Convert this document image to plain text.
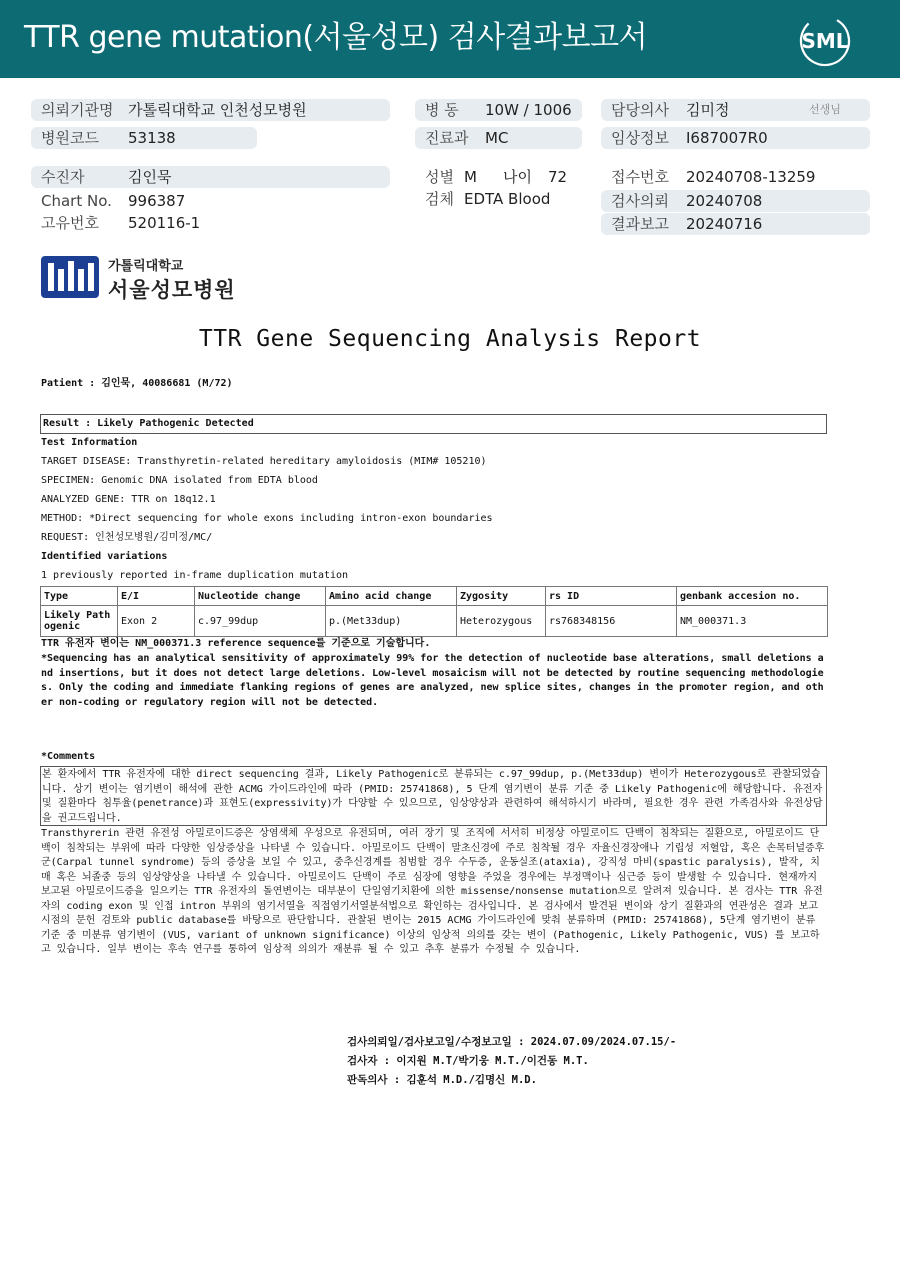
TTR gene mutation(서울성모) 검사결과보고서	SML
의뢰기관명 가톨릭대학교 인천성모병원
병원코드 53138
병 동 10W / 1006
진료과 MC
담당의사 김미정	선생님
임상정보 I687007R0
수진자	김인묵
Chart No. 996387
고유번호 520116-1
성별 M 나이 72
검체 EDTA Blood
접수번호 20240708-13259
검사의뢰 20240708
결과보고 20240716
가톨릭대학교
서울성모병원
TTR Gene Sequencing Analysis Report
Patient : 김인묵, 40086681 (M/72)
Result : Likely Pathogenic Detected
Test Information
TARGET DISEASE: Transthyretin-related hereditary amyloidosis (MIM# 105210)
SPECIMEN: Genomic DNA isolated from EDTA blood
ANALYZED GENE: TTR on 18q12.1
METHOD: *Direct sequencing for whole exons including intron-exon boundaries
REQUEST: 인천성모병원/김미정/MC/
Identified variations
1 previously reported in-frame duplication mutation
Type	E/I	Nucleotide change	Amino acid change	Zygosity	rs ID	genbank accesion no.
Likely Pathogenic	Exon 2	c.97_99dup	p.(Met33dup)	Heterozygous	rs768348156	NM_000371.3
TTR 유전자 변이는 NM_000371.3 reference sequence를 기준으로 기술합니다.
*Sequencing has an analytical sensitivity of approximately 99% for the detection of nucleotide base alterations, small deletions and insertions, but it does not detect large deletions. Low-level mosaicism will not be detected by routine sequencing methodologies. Only the coding and immediate flanking regions of genes are analyzed, new splice sites, changes in the promoter region, and other non-coding or regulatory region will not be detected.
*Comments
본 환자에서 TTR 유전자에 대한 direct sequencing 결과, Likely Pathogenic로 분류되는 c.97_99dup, p.(Met33dup) 변이가 Heterozygous로 관찰되었습니다. 상기 변이는 염기변이 해석에 관한 ACMG 가이드라인에 따라 (PMID: 25741868), 5 단계 염기변이 분류 기준 중 Likely Pathogenic에 해당합니다. 유전자 및 질환마다 침투율(penetrance)과 표현도(expressivity)가 다양할 수 있으므로, 임상양상과 관련하여 해석하시기 바라며, 필요한 경우 관련 가족검사와 유전상담을 권고드립니다.
Transthyrerin 관련 유전성 아밀로이드증은 상염색체 우성으로 유전되며, 여러 장기 및 조직에 서서히 비정상 아밀로이드 단백이 침착되는 질환으로, 아밀로이드 단백이 침착되는 부위에 따라 다양한 임상증상을 나타낼 수 있습니다. 아밀로이드 단백이 말초신경에 주로 침착될 경우 자율신경장애나 기립성 저혈압, 혹은 손목터널증후군(Carpal tunnel syndrome) 등의 증상을 보일 수 있고, 중추신경계를 침범할 경우 수두증, 운동실조(ataxia), 강직성 마비(spastic paralysis), 발작, 치매 혹은 뇌졸중 등의 임상양상을 나타낼 수 있습니다. 아밀로이드 단백이 주로 심장에 영향을 주었을 경우에는 부정맥이나 심근증 등이 발생할 수 있습니다. 현재까지 보고된 아밀로이드증을 일으키는 TTR 유전자의 돌연변이는 대부분이 단일염기치환에 의한 missense/nonsense mutation으로 알려져 있습니다. 본 검사는 TTR 유전자의 coding exon 및 인접 intron 부위의 염기서열을 직접염기서열분석법으로 확인하는 검사입니다. 본 검사에서 발견된 변이와 상기 질환과의 연관성은 결과 보고 시점의 문헌 검토와 public database를 바탕으로 판단합니다. 관찰된 변이는 2015 ACMG 가이드라인에 맞춰 분류하며 (PMID: 25741868), 5단계 염기변이 분류 기준 중 미분류 염기변이 (VUS, variant of unknown significance) 이상의 임상적 의의를 갖는 변이 (Pathogenic, Likely Pathogenic, VUS) 를 보고하고 있습니다. 일부 변이는 후속 연구를 통하여 임상적 의의가 재분류 될 수 있고 추후 분류가 수정될 수 있습니다.
검사의뢰일/검사보고일/수정보고일 : 2024.07.09/2024.07.15/-
검사자 : 이지원 M.T/박기웅 M.T./이건동 M.T.
판독의사 : 김훈석 M.D./김명신 M.D.
